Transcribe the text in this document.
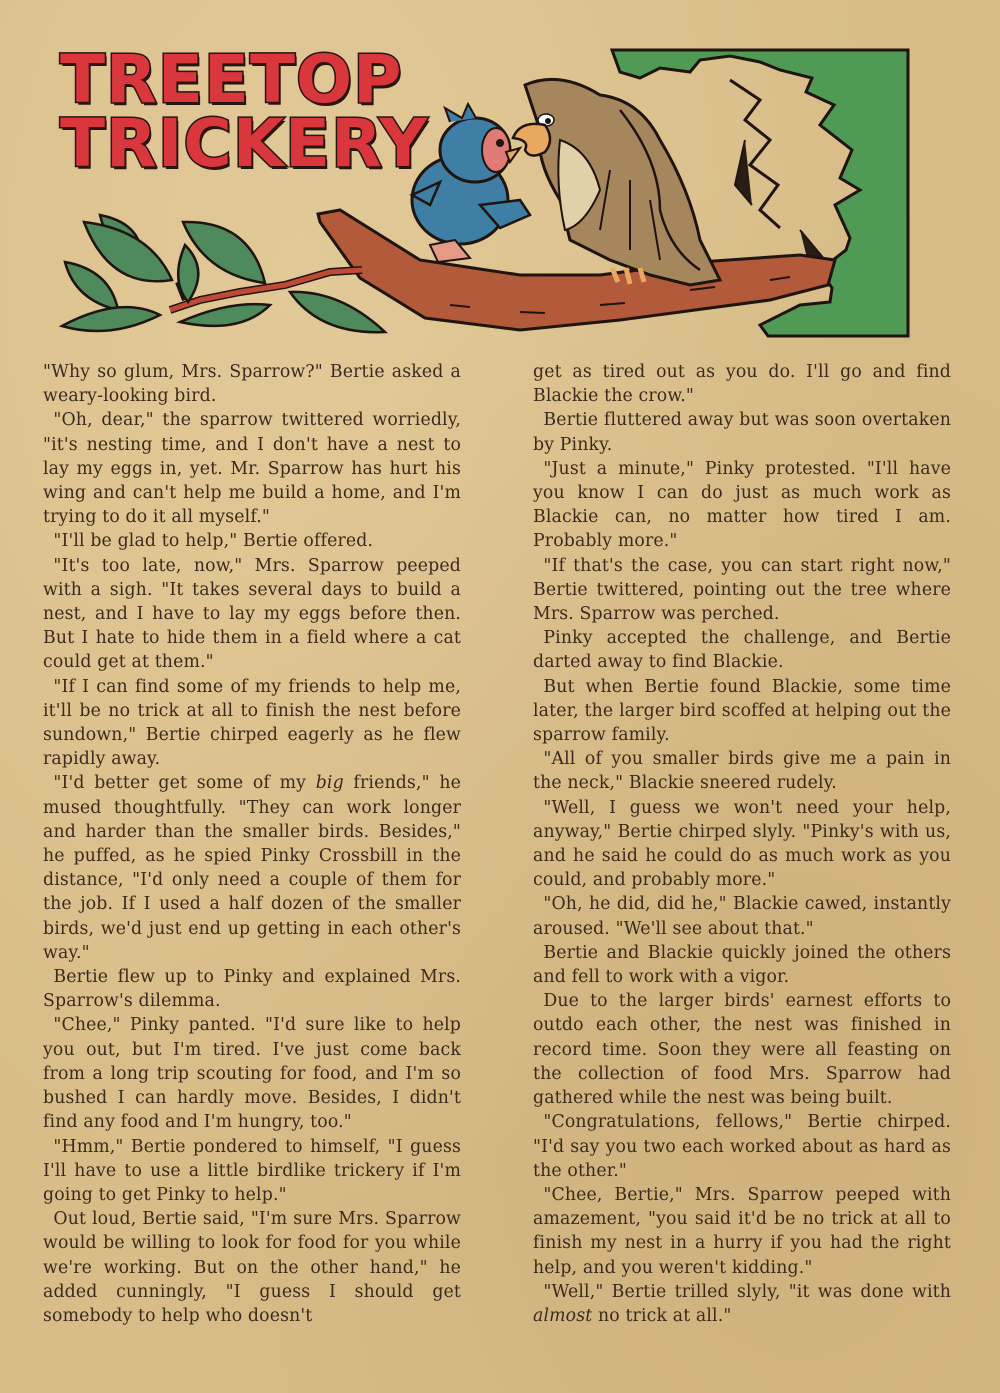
TREETOP
TRICKERY

"Why so glum, Mrs. Sparrow?" Bertie asked a weary-looking bird.

"Oh, dear," the sparrow twittered worriedly, "it's nesting time, and I don't have a nest to lay my eggs in, yet. Mr. Sparrow has hurt his wing and can't help me build a home, and I'm trying to do it all myself."

"I'll be glad to help," Bertie offered.

"It's too late, now," Mrs. Sparrow peeped with a sigh. "It takes several days to build a nest, and I have to lay my eggs before then. But I hate to hide them in a field where a cat could get at them."

"If I can find some of my friends to help me, it'll be no trick at all to finish the nest before sundown," Bertie chirped eagerly as he flew rapidly away.

"I'd better get some of my big friends," he mused thoughtfully. "They can work longer and harder than the smaller birds. Besides," he puffed, as he spied Pinky Crossbill in the distance, "I'd only need a couple of them for the job. If I used a half dozen of the smaller birds, we'd just end up getting in each other's way."

Bertie flew up to Pinky and explained Mrs. Sparrow's dilemma.

"Chee," Pinky panted. "I'd sure like to help you out, but I'm tired. I've just come back from a long trip scouting for food, and I'm so bushed I can hardly move. Besides, I didn't find any food and I'm hungry, too."

"Hmm," Bertie pondered to himself, "I guess I'll have to use a little birdlike trickery if I'm going to get Pinky to help."

Out loud, Bertie said, "I'm sure Mrs. Sparrow would be willing to look for food for you while we're working. But on the other hand," he added cunningly, "I guess I should get somebody to help who doesn't

get as tired out as you do. I'll go and find Blackie the crow."

Bertie fluttered away but was soon overtaken by Pinky.

"Just a minute," Pinky protested. "I'll have you know I can do just as much work as Blackie can, no matter how tired I am. Probably more."

"If that's the case, you can start right now," Bertie twittered, pointing out the tree where Mrs. Sparrow was perched.

Pinky accepted the challenge, and Bertie darted away to find Blackie.

But when Bertie found Blackie, some time later, the larger bird scoffed at helping out the sparrow family.

"All of you smaller birds give me a pain in the neck," Blackie sneered rudely.

"Well, I guess we won't need your help, anyway," Bertie chirped slyly. "Pinky's with us, and he said he could do as much work as you could, and probably more."

"Oh, he did, did he," Blackie cawed, instantly aroused. "We'll see about that."

Bertie and Blackie quickly joined the others and fell to work with a vigor.

Due to the larger birds' earnest efforts to outdo each other, the nest was finished in record time. Soon they were all feasting on the collection of food Mrs. Sparrow had gathered while the nest was being built.

"Congratulations, fellows," Bertie chirped. "I'd say you two each worked about as hard as the other."

"Chee, Bertie," Mrs. Sparrow peeped with amazement, "you said it'd be no trick at all to finish my nest in a hurry if you had the right help, and you weren't kidding."

"Well," Bertie trilled slyly, "it was done with almost no trick at all."
